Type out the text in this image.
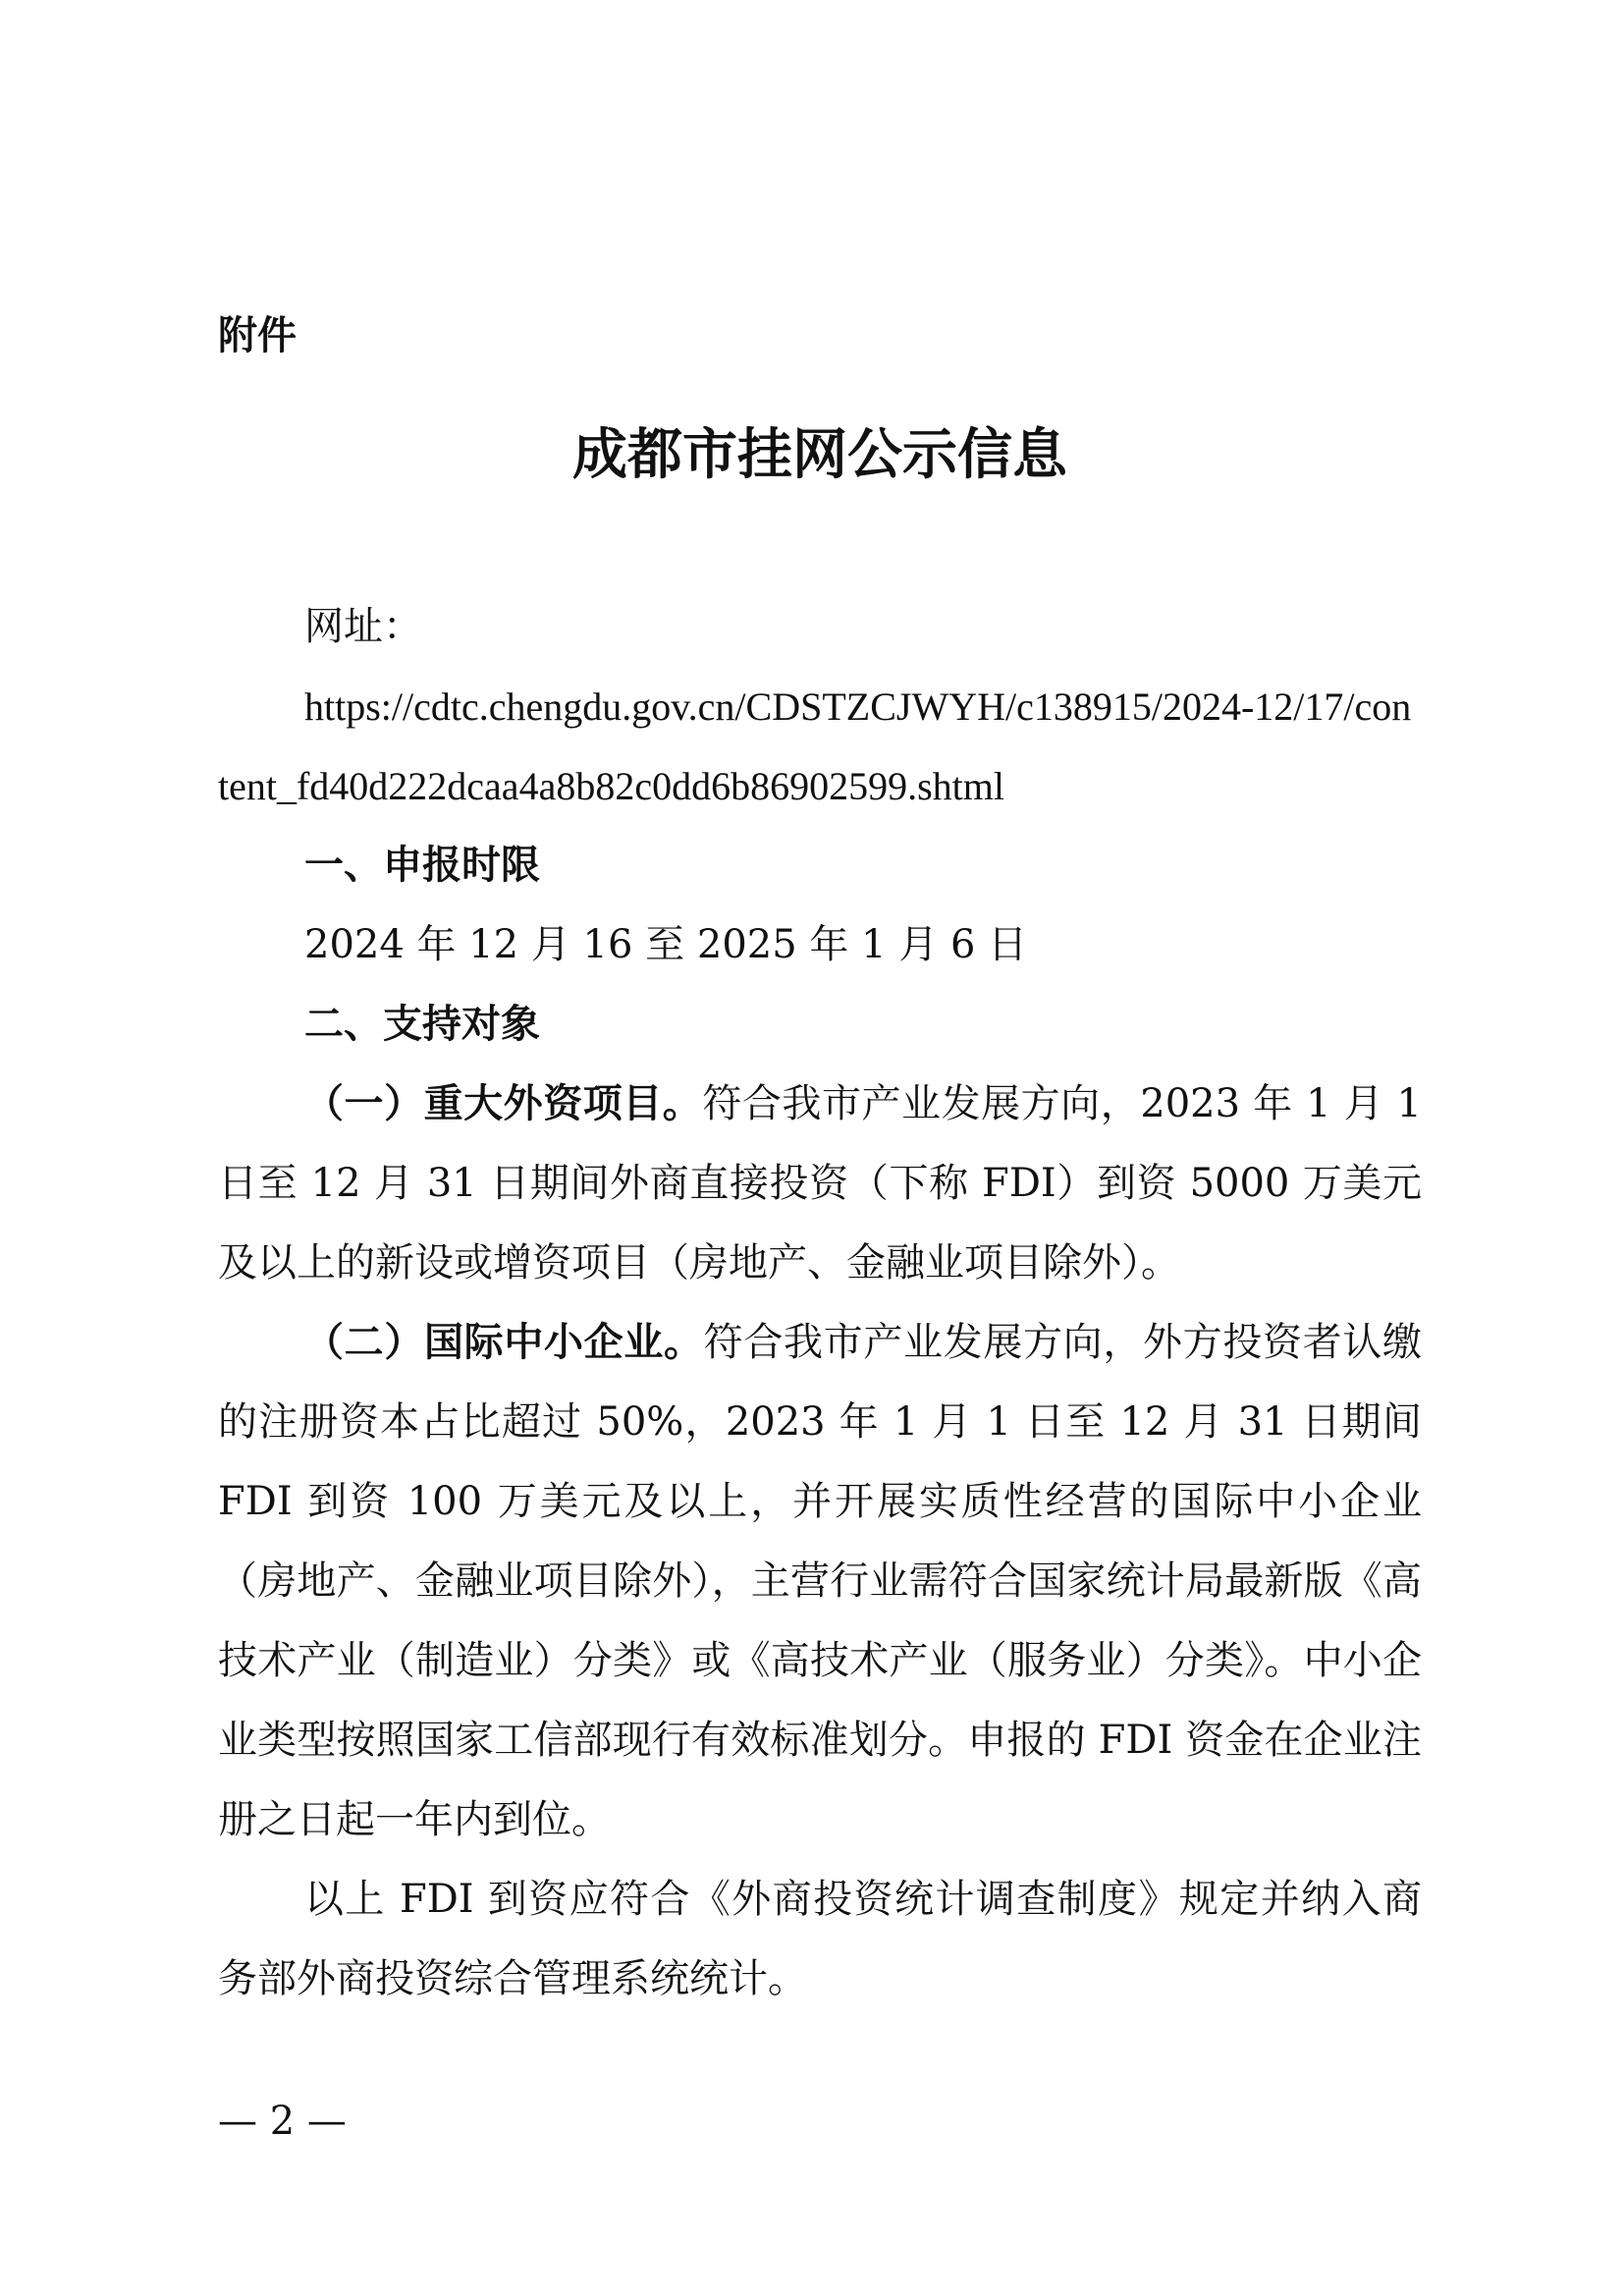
附件
成都市挂网公示信息

网址：

https://cdtc.chengdu.gov.cn/CDSTZCJWYH/c138915/2024-12/17/content_fd40d222dcaa4a8b82c0dd6b86902599.shtml

一、申报时限

2024 年 12 月 16 至 2025 年 1 月 6 日

二、支持对象

（一）重大外资项目。符合我市产业发展方向，2023 年 1 月 1 日至 12 月 31 日期间外商直接投资（下称 FDI）到资 5000 万美元及以上的新设或增资项目（房地产、金融业项目除外）。

（二）国际中小企业。符合我市产业发展方向，外方投资者认缴的注册资本占比超过 50%，2023 年 1 月 1 日至 12 月 31 日期间 FDI 到资 100 万美元及以上，并开展实质性经营的国际中小企业（房地产、金融业项目除外），主营行业需符合国家统计局最新版《高技术产业（制造业）分类》或《高技术产业（服务业）分类》。中小企业类型按照国家工信部现行有效标准划分。申报的 FDI 资金在企业注册之日起一年内到位。

以上 FDI 到资应符合《外商投资统计调查制度》规定并纳入商务部外商投资综合管理系统统计。

— 2 —
